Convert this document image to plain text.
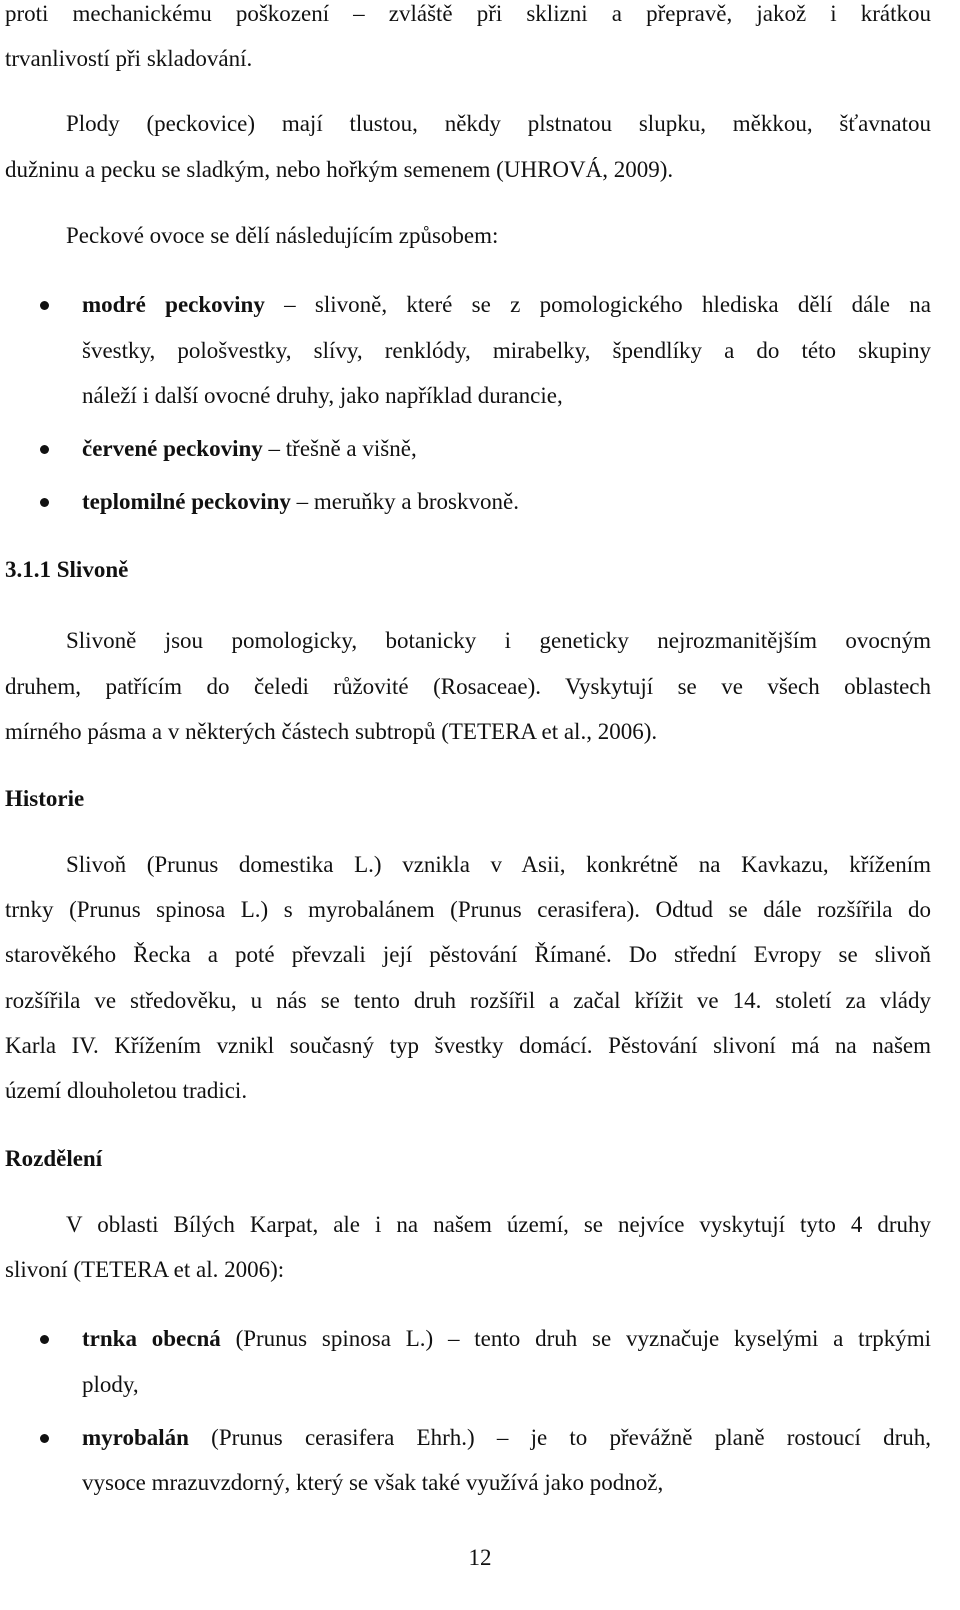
proti mechanickému poškození – zvláště při sklizni a přepravě, jakož i krátkou
trvanlivostí při skladování.
Plody (peckovice) mají tlustou, někdy plstnatou slupku, měkkou, šťavnatou
dužninu a pecku se sladkým, nebo hořkým semenem (UHROVÁ, 2009).
Peckové ovoce se dělí následujícím způsobem:
modré peckoviny – slivoně, které se z pomologického hlediska dělí dále na
švestky, pološvestky, slívy, renklódy, mirabelky, špendlíky a do této skupiny
náleží i další ovocné druhy, jako například durancie,
červené peckoviny – třešně a višně,
teplomilné peckoviny – meruňky a broskvoně.
3.1.1 Slivoně
Slivoně jsou pomologicky, botanicky i geneticky nejrozmanitějším ovocným
druhem, patřícím do čeledi růžovité (Rosaceae). Vyskytují se ve všech oblastech
mírného pásma a v některých částech subtropů (TETERA et al., 2006).
Historie
Slivoň (Prunus domestika L.) vznikla v Asii, konkrétně na Kavkazu, křížením
trnky (Prunus spinosa L.) s myrobalánem (Prunus cerasifera). Odtud se dále rozšířila do
starověkého Řecka a poté převzali její pěstování Římané. Do střední Evropy se slivoň
rozšířila ve středověku, u nás se tento druh rozšířil a začal křížit ve 14. století za vlády
Karla IV. Křížením vznikl současný typ švestky domácí. Pěstování slivoní má na našem
území dlouholetou tradici.
Rozdělení
V oblasti Bílých Karpat, ale i na našem území, se nejvíce vyskytují tyto 4 druhy
slivoní (TETERA et al. 2006):
trnka obecná (Prunus spinosa L.) – tento druh se vyznačuje kyselými a trpkými
plody,
myrobalán (Prunus cerasifera Ehrh.) – je to převážně planě rostoucí druh,
vysoce mrazuvzdorný, který se však také využívá jako podnož,
12
